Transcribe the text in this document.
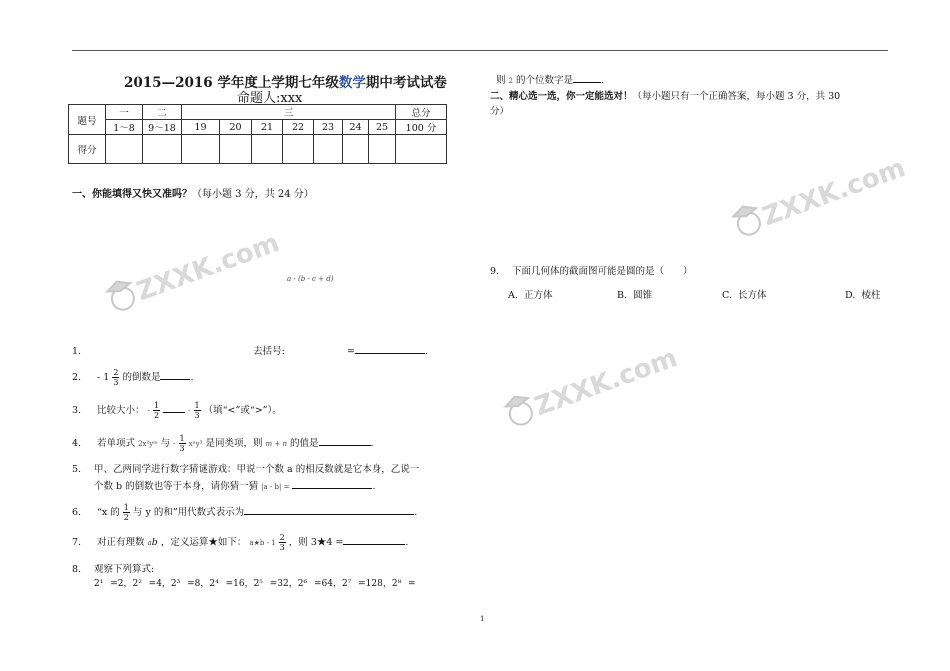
2015—2016 学年度上学期七年级数学期中考试试卷
命题人:xxx
题号	一	二	三							总分
	1～8	9～18	19	20	21	22	23	24	25	100 分
得分										
一、你能填得又快又准吗？（每小题 3 分，共 24 分）
a - (b - c + d)
1.	去括号:	=	.
2. - $1 \frac{2}{3}$ 的倒数是	.
3. 比较大小： - $\frac{1}{2}$	- $\frac{1}{3}$ （填“<”或“>”）。
4. 若单项式 2x²yᵐ 与 - $\frac{1}{3} x^ny^3$ 是同类项，则 m + n 的值是	.
5. 甲、乙两同学进行数字猜谜游戏：甲说一个数 a 的相反数就是它本身，乙说一
个数 b 的倒数也等于本身，请你猜一猜 |a - b| =	.
6. “x 的 $\frac{1}{2}$ 与 y 的和”用代数式表示为	.
7. 对正有理数 ab ，定义运算★如下： a★b - $1 \frac{2}{3}$ ，则 3★4 =	.
8. 观察下列算式:
2¹ =2，2² =4，2³ =8，2⁴ =16，2⁵ =32，2⁶ =64，2⁷ =128，2⁸ =
则 2 的个位数字是	.
二、精心选一选，你一定能选对！（每小题只有一个正确答案，每小题 3 分，共 30
分）
9. 下面几何体的截面图可能是圆的是（　　）
A. 正方体	B. 圆锥	C. 长方体	D. 棱柱
ZXXK.com
ZXXK.com
ZXXK.com
1
